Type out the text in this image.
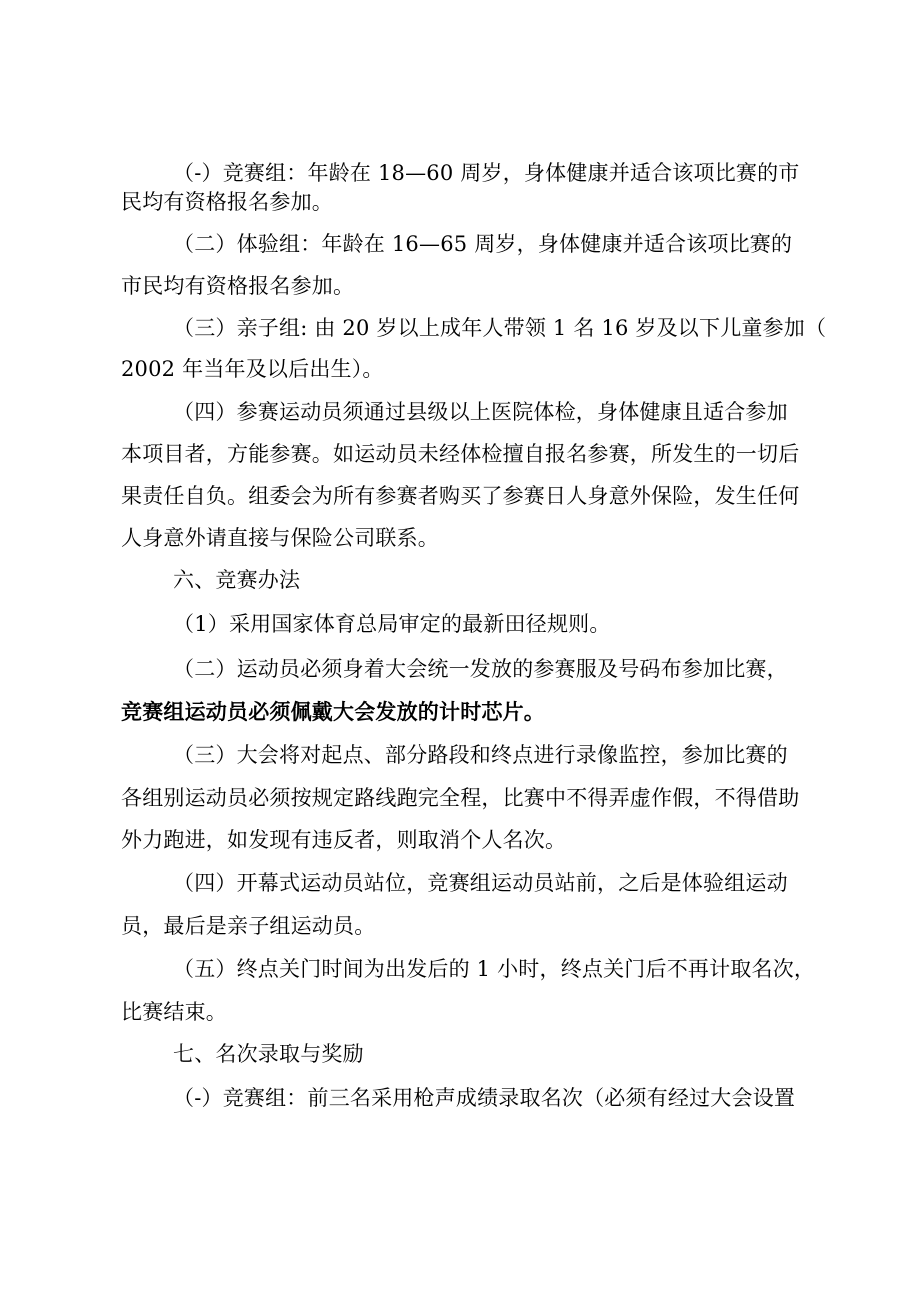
（-）竞赛组：年龄在 18—60 周岁，身体健康并适合该项比赛的市
民均有资格报名参加。
（二）体验组：年龄在 16—65 周岁，身体健康并适合该项比赛的
市民均有资格报名参加。
（三）亲子组: 由 20 岁以上成年人带领 1 名 16 岁及以下儿童参加（
2002 年当年及以后出生）。
（四）参赛运动员须通过县级以上医院体检，身体健康且适合参加
本项目者，方能参赛。如运动员未经体检擅自报名参赛，所发生的一切后
果责任自负。组委会为所有参赛者购买了参赛日人身意外保险，发生任何
人身意外请直接与保险公司联系。
六、竞赛办法
（1）采用国家体育总局审定的最新田径规则。
（二）运动员必须身着大会统一发放的参赛服及号码布参加比赛，
竞赛组运动员必须佩戴大会发放的计时芯片。
（三）大会将对起点、部分路段和终点进行录像监控，参加比赛的
各组别运动员必须按规定路线跑完全程，比赛中不得弄虚作假，不得借助
外力跑进，如发现有违反者，则取消个人名次。
（四）开幕式运动员站位，竞赛组运动员站前，之后是体验组运动
员，最后是亲子组运动员。
（五）终点关门时间为出发后的 1 小时，终点关门后不再计取名次，
比赛结束。
七、名次录取与奖励
（-）竞赛组：前三名采用枪声成绩录取名次（必须有经过大会设置
